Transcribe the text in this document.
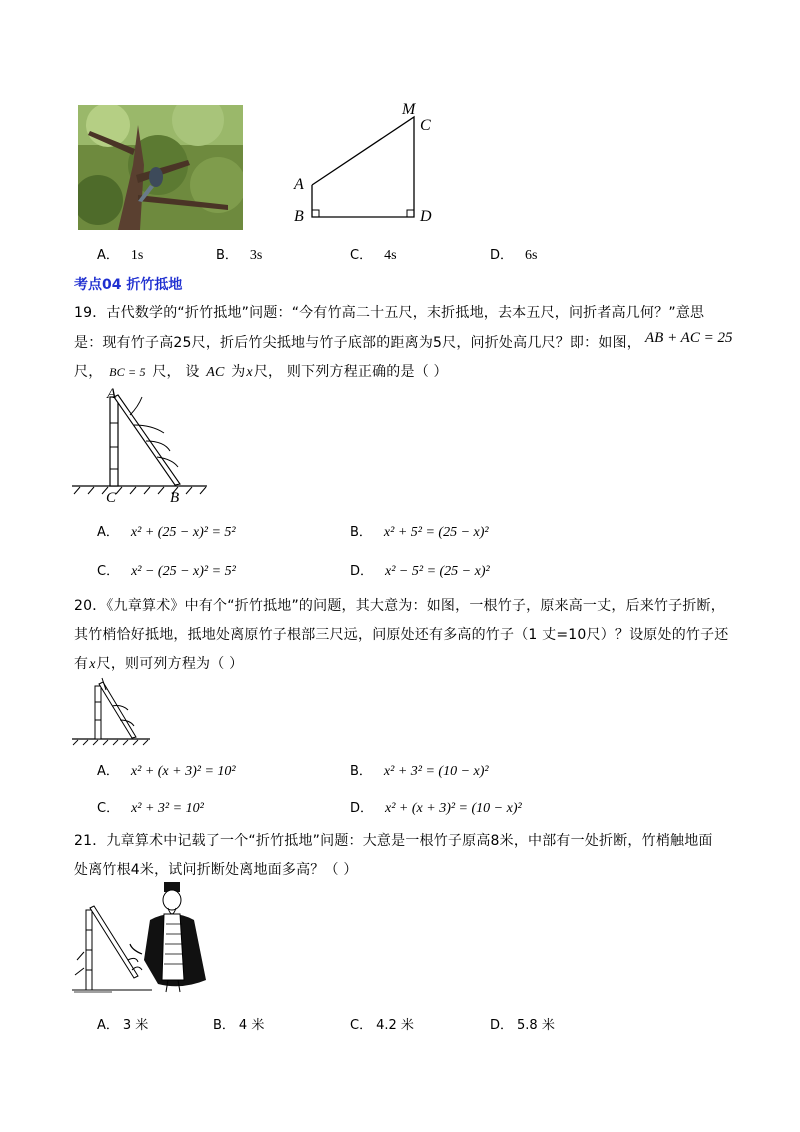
M
C
A
B	D
A． 1s	B． 3s	C． 4s	D． 6s
考点04 折竹抵地
19．古代数学的“折竹抵地”问题：“今有竹高二十五尺，末折抵地，去本五尺，问折者高几何？”意思
是：现有竹子高25尺，折后竹尖抵地与竹子底部的距离为5尺，问折处高几尺？即：如图， AB + AC = 25
尺， BC = 5 尺， 设 AC 为x尺， 则下列方程正确的是（ ）
A
C	B
A． x² + (25 − x)² = 5²	B． x² + 5² = (25 − x)²
C． x² − (25 − x)² = 5²	D． x² − 5² = (25 − x)²
20．《九章算术》中有个“折竹抵地”的问题，其大意为：如图，一根竹子，原来高一丈，后来竹子折断，
其竹梢恰好抵地，抵地处离原竹子根部三尺远，问原处还有多高的竹子（1 丈=10尺）？设原处的竹子还
有x尺，则可列方程为（ ）
A． x² + (x + 3)² = 10²	B． x² + 3² = (10 − x)²
C． x² + 3² = 10²	D． x² + (x + 3)² = (10 − x)²
21．九章算术中记载了一个“折竹抵地”问题：大意是一根竹子原高8米，中部有一处折断，竹梢触地面
处离竹根4米，试问折断处离地面多高？（ ）
A． 3 米	B． 4 米	C． 4.2 米	D． 5.8 米
